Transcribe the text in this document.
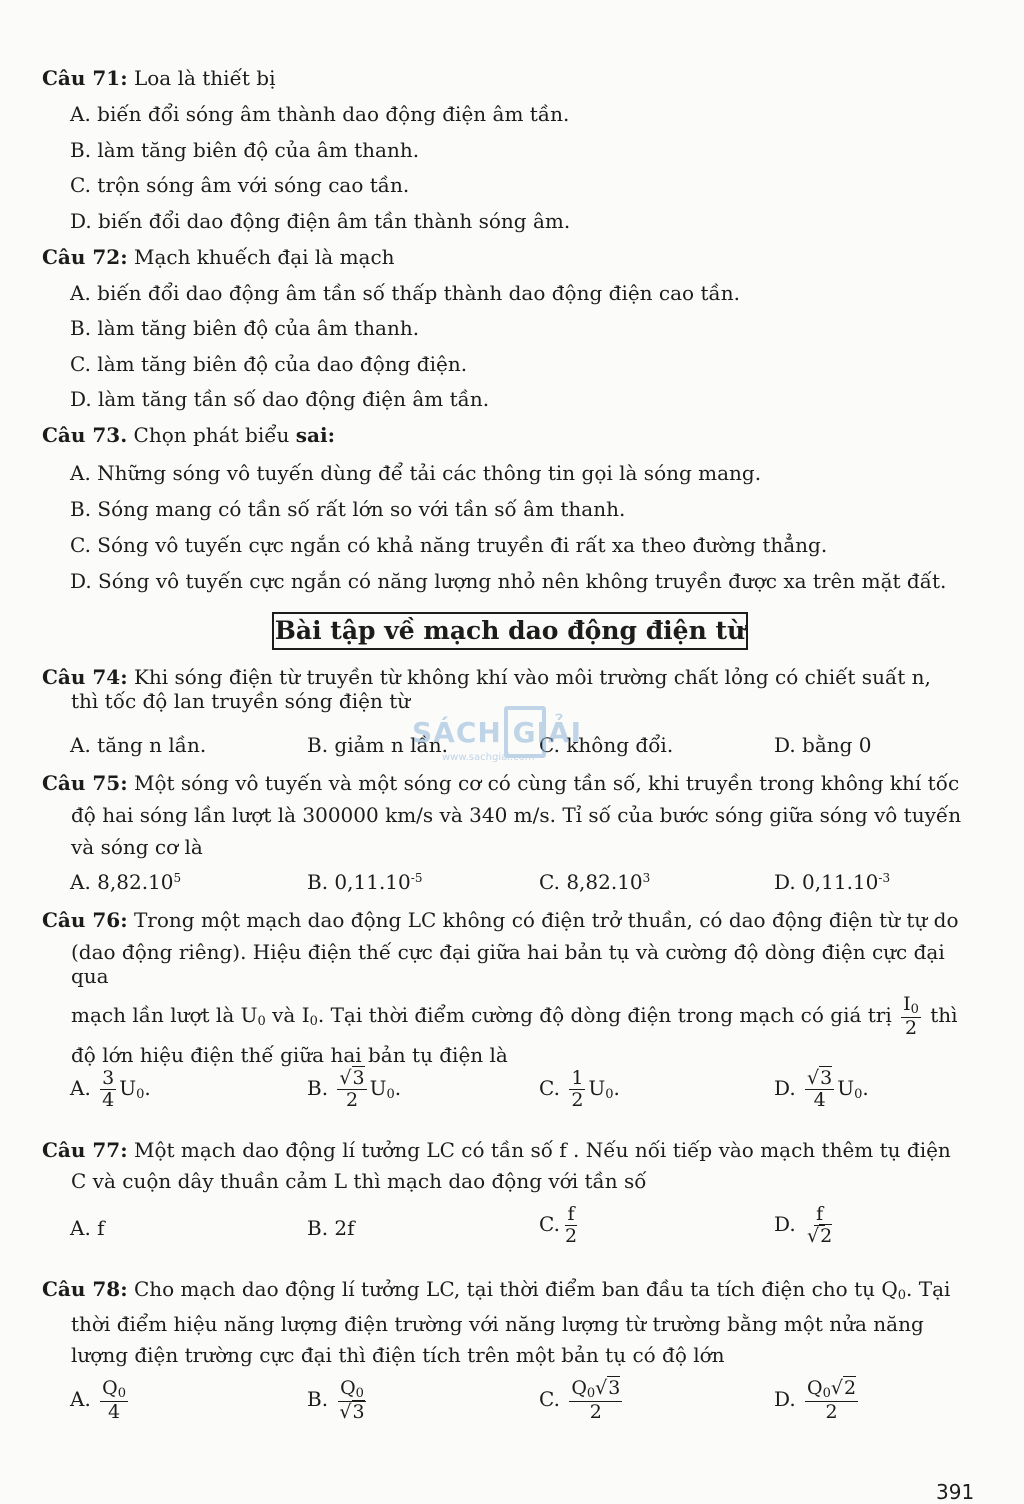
Câu 71: Loa là thiết bị
A. biến đổi sóng âm thành dao động điện âm tần.
B. làm tăng biên độ của âm thanh.
C. trộn sóng âm với sóng cao tần.
D. biến đổi dao động điện âm tần thành sóng âm.
Câu 72: Mạch khuếch đại là mạch
A. biến đổi dao động âm tần số thấp thành dao động điện cao tần.
B. làm tăng biên độ của âm thanh.
C. làm tăng biên độ của dao động điện.
D. làm tăng tần số dao động điện âm tần.
Câu 73. Chọn phát biểu sai:
A. Những sóng vô tuyến dùng để tải các thông tin gọi là sóng mang.
B. Sóng mang có tần số rất lớn so với tần số âm thanh.
C. Sóng vô tuyến cực ngắn có khả năng truyền đi rất xa theo đường thẳng.
D. Sóng vô tuyến cực ngắn có năng lượng nhỏ nên không truyền được xa trên mặt đất.
Bài tập về mạch dao động điện từ
Câu 74: Khi sóng điện từ truyền từ không khí vào môi trường chất lỏng có chiết suất n,
thì tốc độ lan truyền sóng điện từ
A. tăng n lần.	B. giảm n lần.	C. không đổi.	D. bằng 0
SÁCH GIẢI
www.sachgiai.com
Câu 75: Một sóng vô tuyến và một sóng cơ có cùng tần số, khi truyền trong không khí tốc
độ hai sóng lần lượt là 300000 km/s và 340 m/s. Tỉ số của bước sóng giữa sóng vô tuyến
và sóng cơ là
A. 8,82.10$^5$	B. $0,11.10^{-5}$	C. 8,82.10$^3$	D. $0,11.10^{-3}$
Câu 76: Trong một mạch dao động LC không có điện trở thuần, có dao động điện từ tự do
(dao động riêng). Hiệu điện thế cực đại giữa hai bản tụ và cường độ dòng điện cực đại qua
mạch lần lượt là $U_0$ và $I_0$. Tại thời điểm cường độ dòng điện trong mạch có giá trị $\frac{I_0}{2}$ thì
độ lớn hiệu điện thế giữa hai bản tụ điện là
A. $\frac{3}{4} U_0$.	B. $\frac{√3}{2} U_0$.	C. $\frac{1}{2} U_0$.	D. $\frac{√3}{4} U_0$.
Câu 77: Một mạch dao động lí tưởng LC có tần số f . Nếu nối tiếp vào mạch thêm tụ điện
C và cuộn dây thuần cảm L thì mạch dao động với tần số
A. f	B. 2f	C. $\frac{f}{2}$	D. $\frac{f}{√2}$
Câu 78: Cho mạch dao động lí tưởng LC, tại thời điểm ban đầu ta tích điện cho tụ $Q_0$. Tại
thời điểm hiệu năng lượng điện trường với năng lượng từ trường bằng một nửa năng
lượng điện trường cực đại thì điện tích trên một bản tụ có độ lớn
A. $\frac{Q_0}{4}$	B. $\frac{Q_0}{√3}$	C. $\frac{Q_0√3}{2}$	D. $\frac{Q_0√2}{2}$
391
